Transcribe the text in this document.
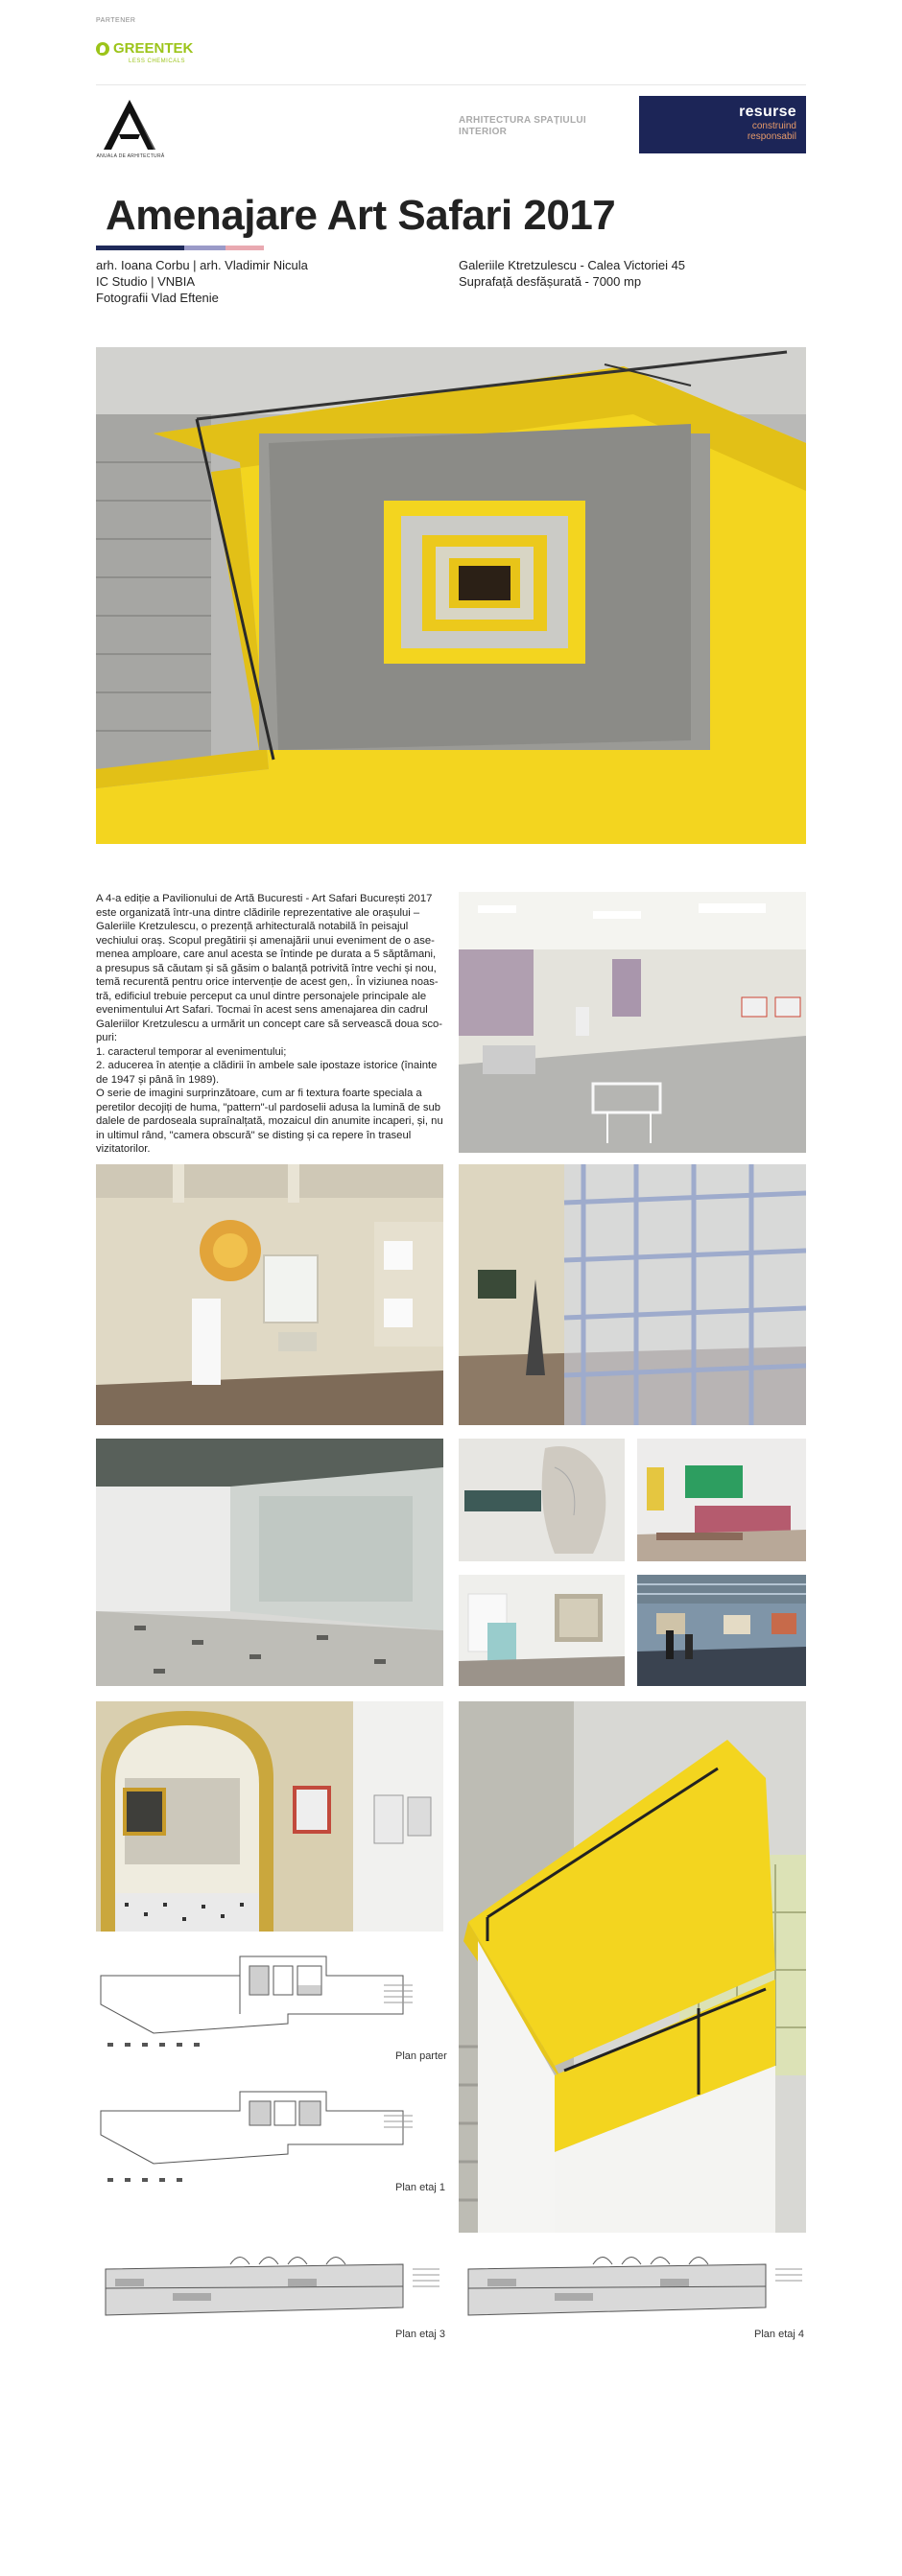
PARTENER
GREENTEK
LESS CHEMICALS
ANUALA DE ARHITECTURĂ
ARHITECTURA SPAȚIULUI
INTERIOR
resurse
construind
responsabil
Amenajare Art Safari 2017
arh. Ioana Corbu | arh. Vladimir Nicula
IC Studio | VNBIA
Fotografii Vlad Eftenie
Galeriile Ktretzulescu - Calea Victoriei 45
Suprafață desfășurată - 7000 mp

A 4-a ediție a Pavilionului de Artă Bucuresti - Art Safari București 2017 este organizată într-una dintre clădirile reprezentative ale orașului – Galeriile Kretzulescu, o prezență arhitecturală notabilă în peisajul vechiului oraș. Scopul pregătirii și amenajării unui eveniment de o ase-menea amploare, care anul acesta se întinde pe durata a 5 săptămani, a presupus să căutam și să găsim o balanță potrivită între vechi și nou, temă recurentă pentru orice intervenție de acest gen,. În viziunea noas-tră, edificiul trebuie perceput ca unul dintre personajele principale ale evenimentului Art Safari. Tocmai în acest sens amenajarea din cadrul Galeriilor Kretzulescu a urmărit un concept care să servească doua sco-puri:
1. caracterul temporar al evenimentului;
2. aducerea în atenție a clădirii în ambele sale ipostaze istorice (înainte de 1947 și până în 1989).
O serie de imagini surprinzătoare, cum ar fi textura foarte speciala a peretilor decojiți de huma, "pattern"-ul pardoselii adusa la lumină de sub dalele de pardoseala supraînalțată, mozaicul din anumite incaperi, și, nu in ultimul rând, "camera obscură" se disting și ca repere în traseul vizitatorilor.

Plan parter
Plan etaj 1
Plan etaj 3	Plan etaj 4
